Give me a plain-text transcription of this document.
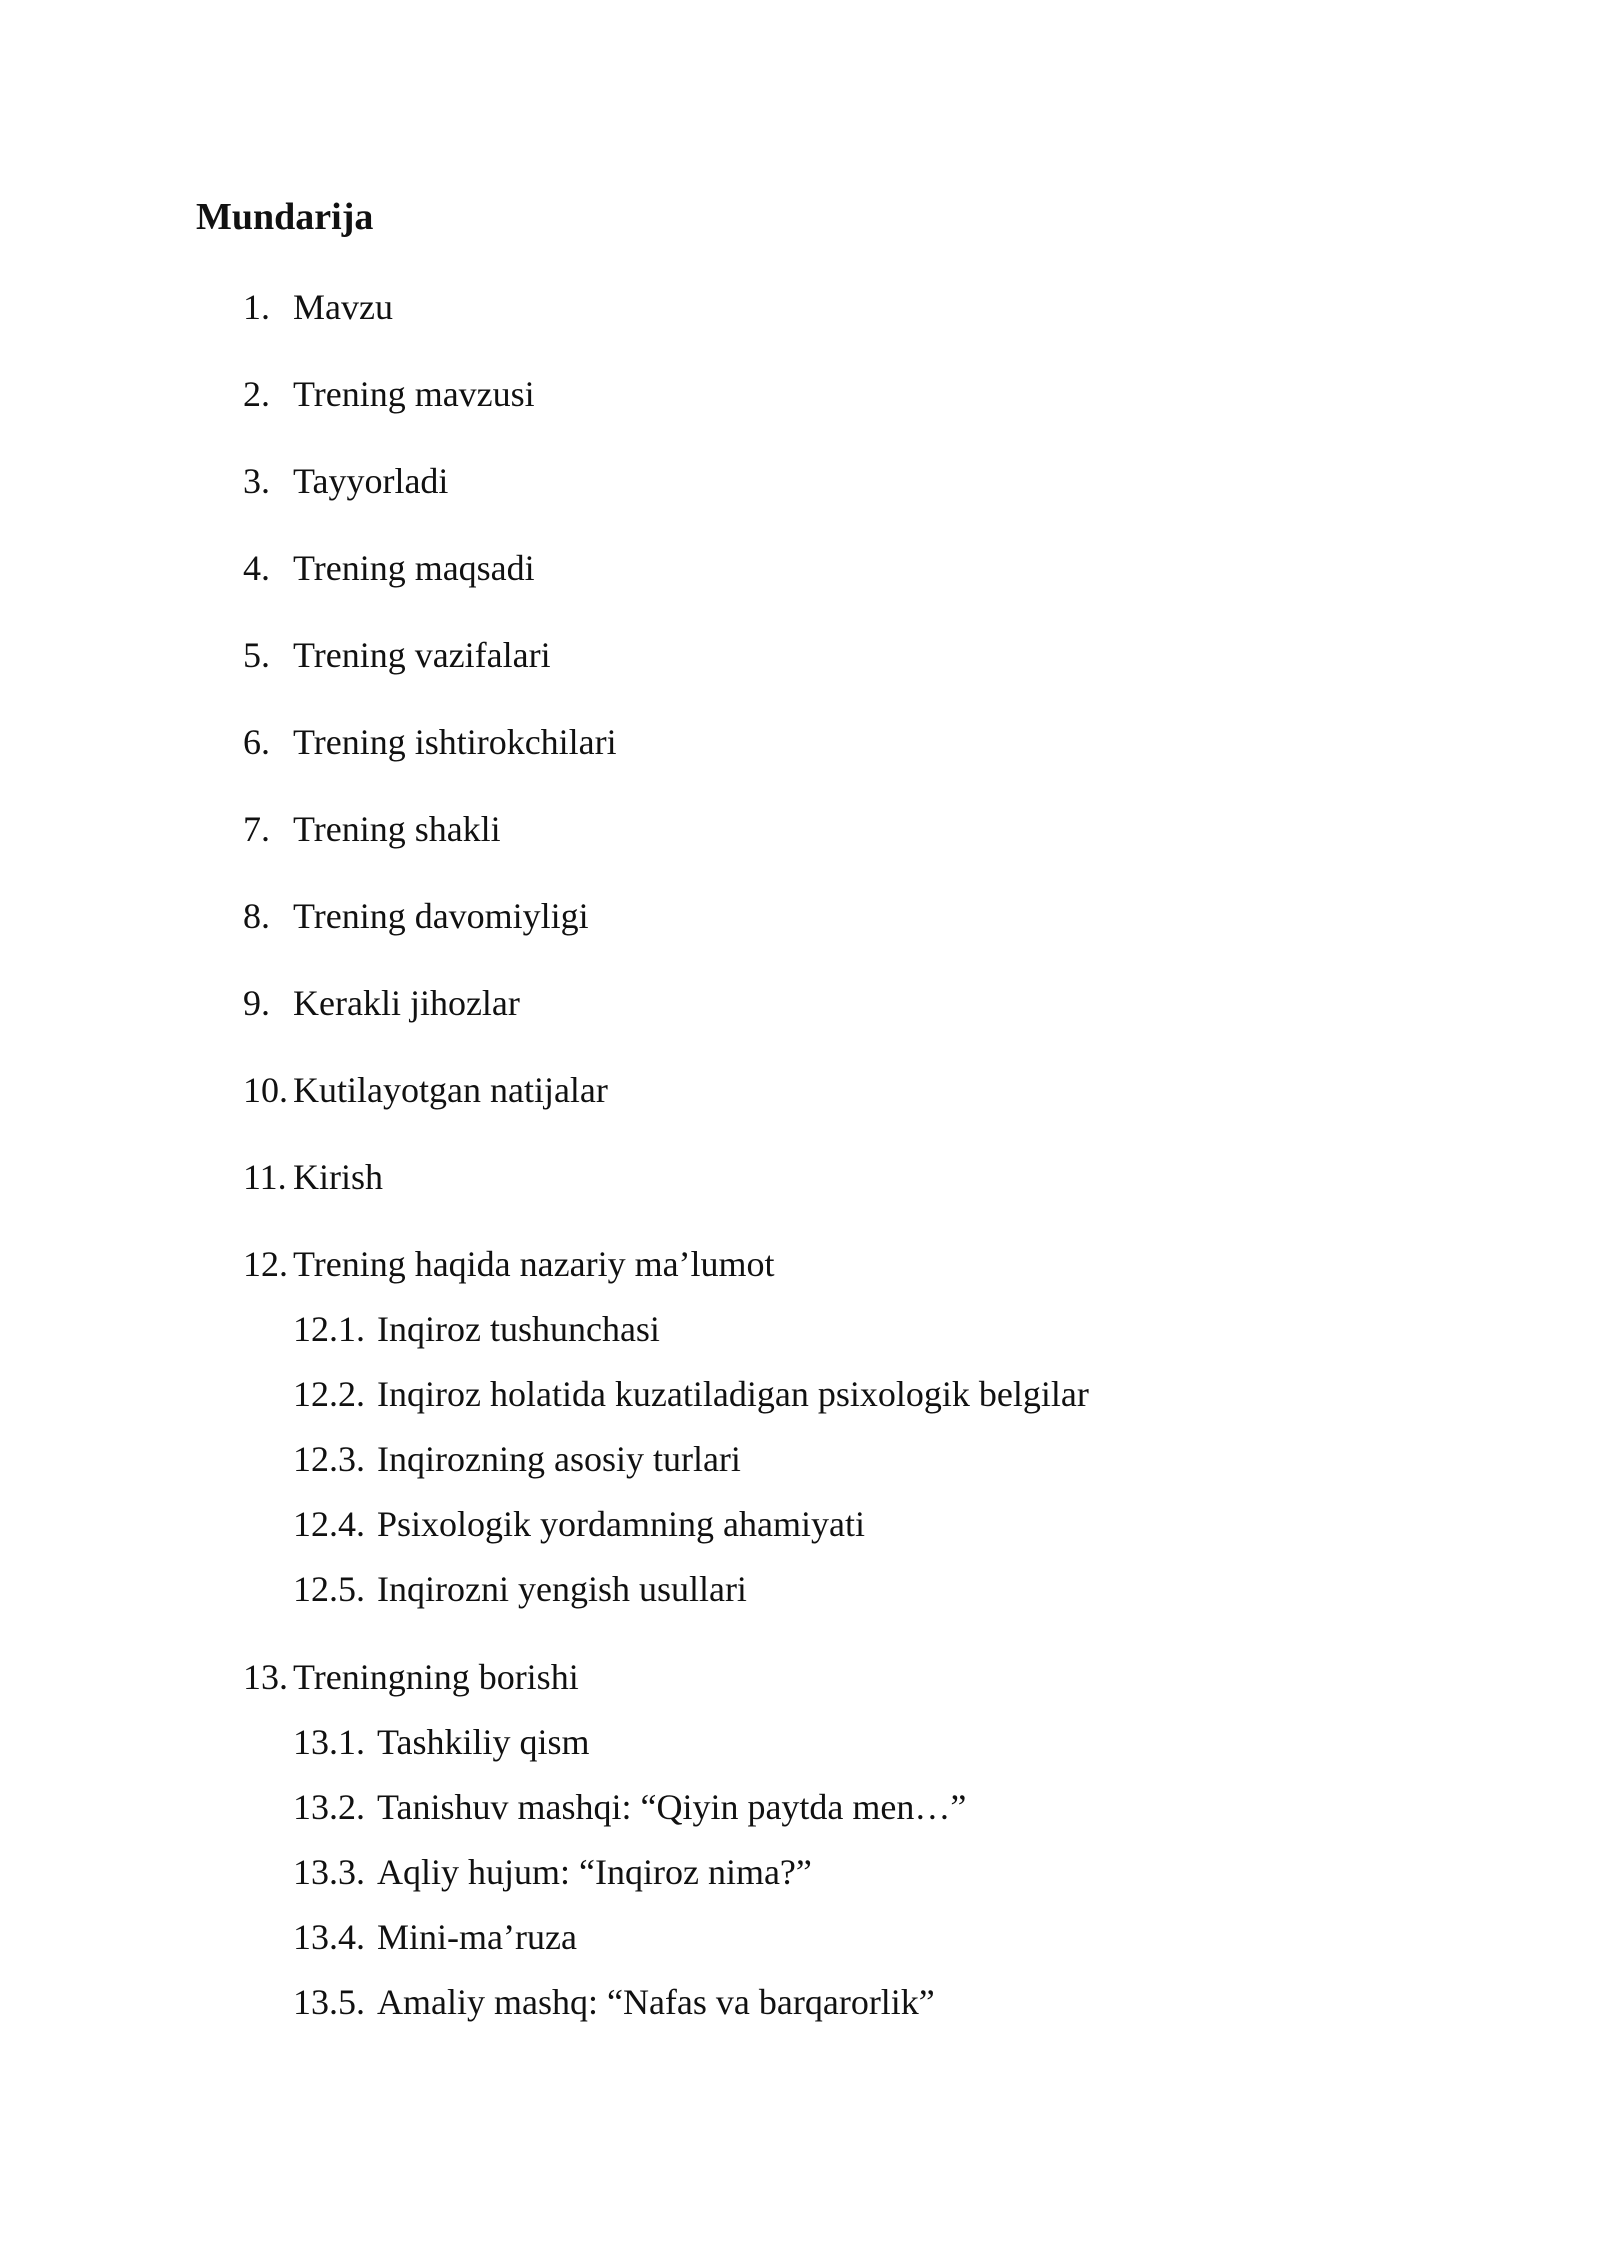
Mundarija
1. Mavzu
2. Trening mavzusi
3. Tayyorladi
4. Trening maqsadi
5. Trening vazifalari
6. Trening ishtirokchilari
7. Trening shakli
8. Trening davomiyligi
9. Kerakli jihozlar
10. Kutilayotgan natijalar
11. Kirish
12. Trening haqida nazariy ma’lumot
12.1. Inqiroz tushunchasi
12.2. Inqiroz holatida kuzatiladigan psixologik belgilar
12.3. Inqirozning asosiy turlari
12.4. Psixologik yordamning ahamiyati
12.5. Inqirozni yengish usullari
13. Treningning borishi
13.1. Tashkiliy qism
13.2. Tanishuv mashqi: “Qiyin paytda men…”
13.3. Aqliy hujum: “Inqiroz nima?”
13.4. Mini-ma’ruza
13.5. Amaliy mashq: “Nafas va barqarorlik”
